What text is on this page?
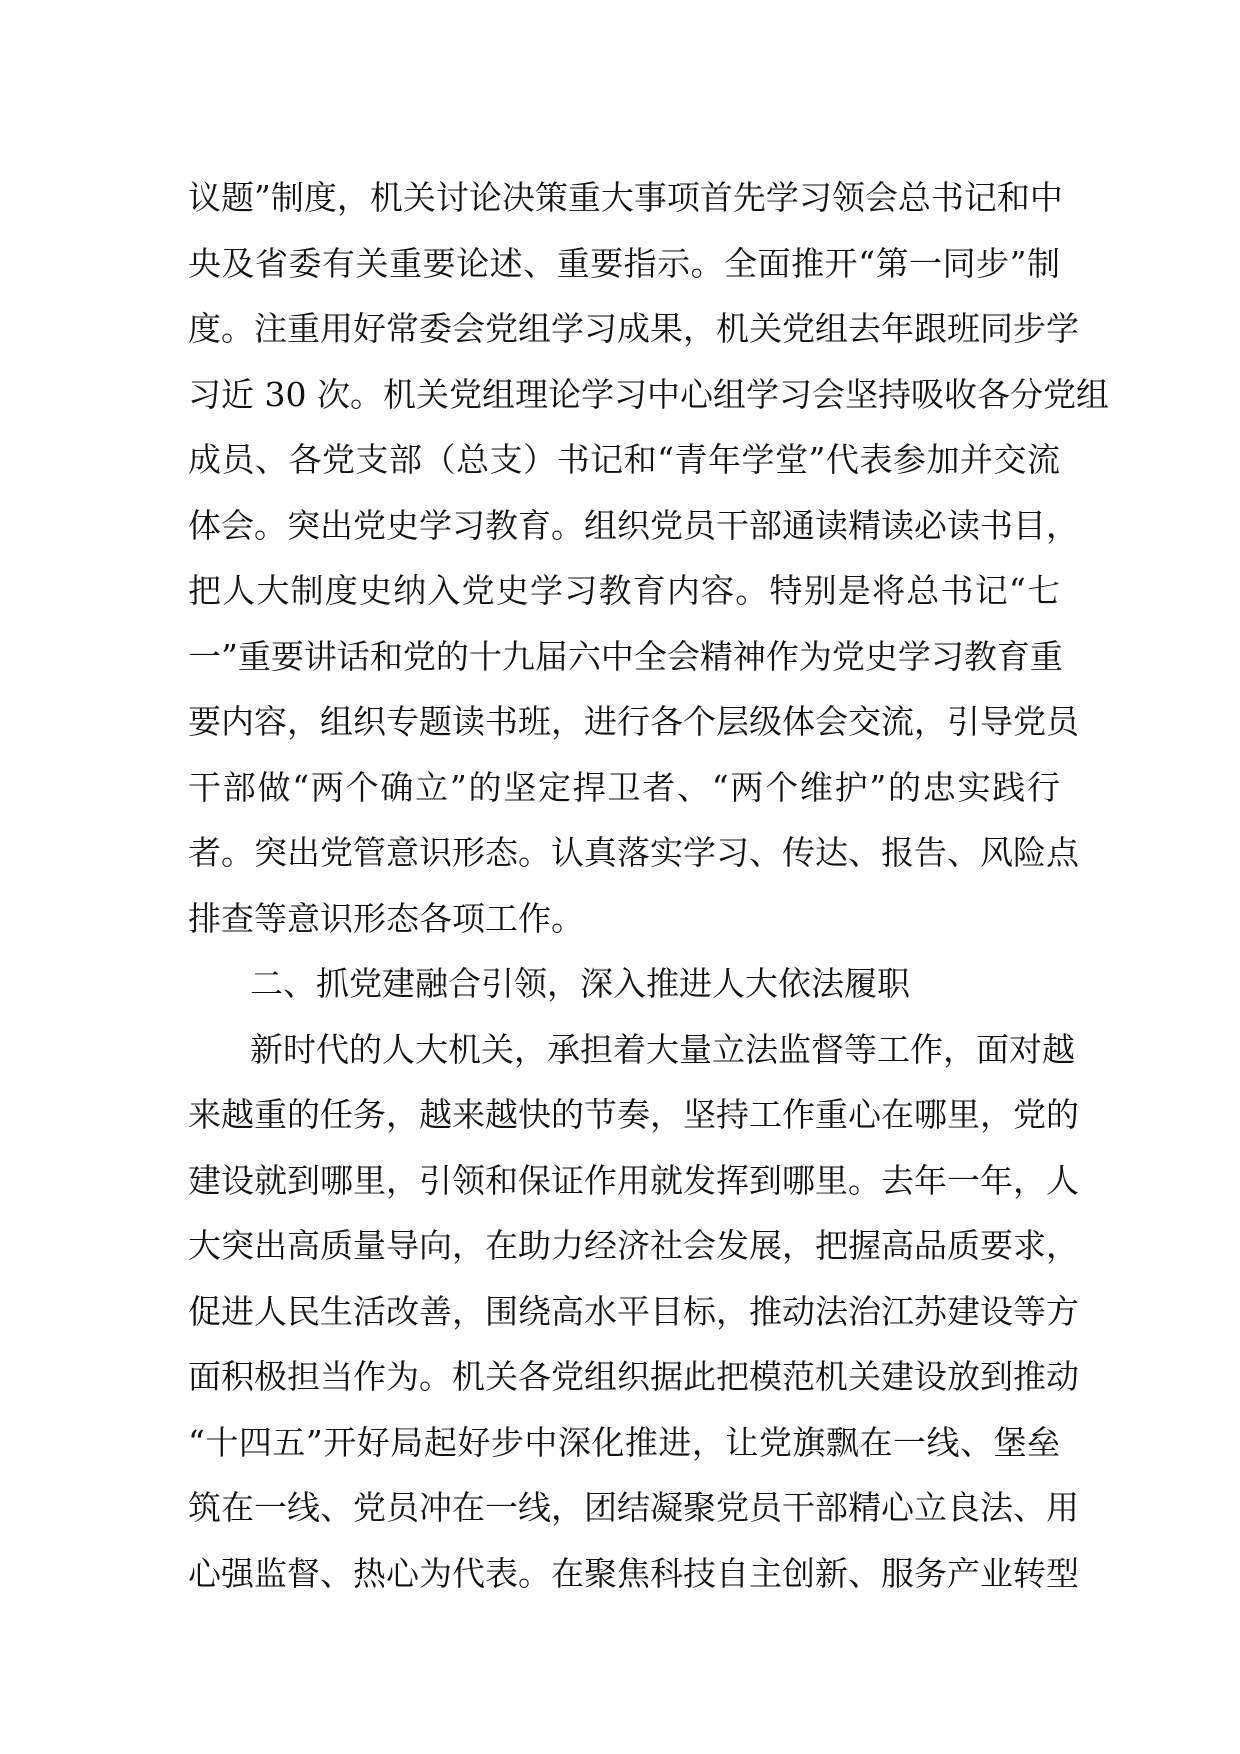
议题”制度，机关讨论决策重大事项首先学习领会总书记和中
央及省委有关重要论述、重要指示。全面推开“第一同步”制
度。注重用好常委会党组学习成果，机关党组去年跟班同步学
习近 30 次。机关党组理论学习中心组学习会坚持吸收各分党组
成员、各党支部（总支）书记和“青年学堂”代表参加并交流
体会。突出党史学习教育。组织党员干部通读精读必读书目，
把人大制度史纳入党史学习教育内容。特别是将总书记“七
一”重要讲话和党的十九届六中全会精神作为党史学习教育重
要内容，组织专题读书班，进行各个层级体会交流，引导党员
干部做“两个确立”的坚定捍卫者、“两个维护”的忠实践行
者。突出党管意识形态。认真落实学习、传达、报告、风险点
排查等意识形态各项工作。
二、抓党建融合引领，深入推进人大依法履职
新时代的人大机关，承担着大量立法监督等工作，面对越
来越重的任务，越来越快的节奏，坚持工作重心在哪里，党的
建设就到哪里，引领和保证作用就发挥到哪里。去年一年，人
大突出高质量导向，在助力经济社会发展，把握高品质要求，
促进人民生活改善，围绕高水平目标，推动法治江苏建设等方
面积极担当作为。机关各党组织据此把模范机关建设放到推动
“十四五”开好局起好步中深化推进，让党旗飘在一线、堡垒
筑在一线、党员冲在一线，团结凝聚党员干部精心立良法、用
心强监督、热心为代表。在聚焦科技自主创新、服务产业转型
